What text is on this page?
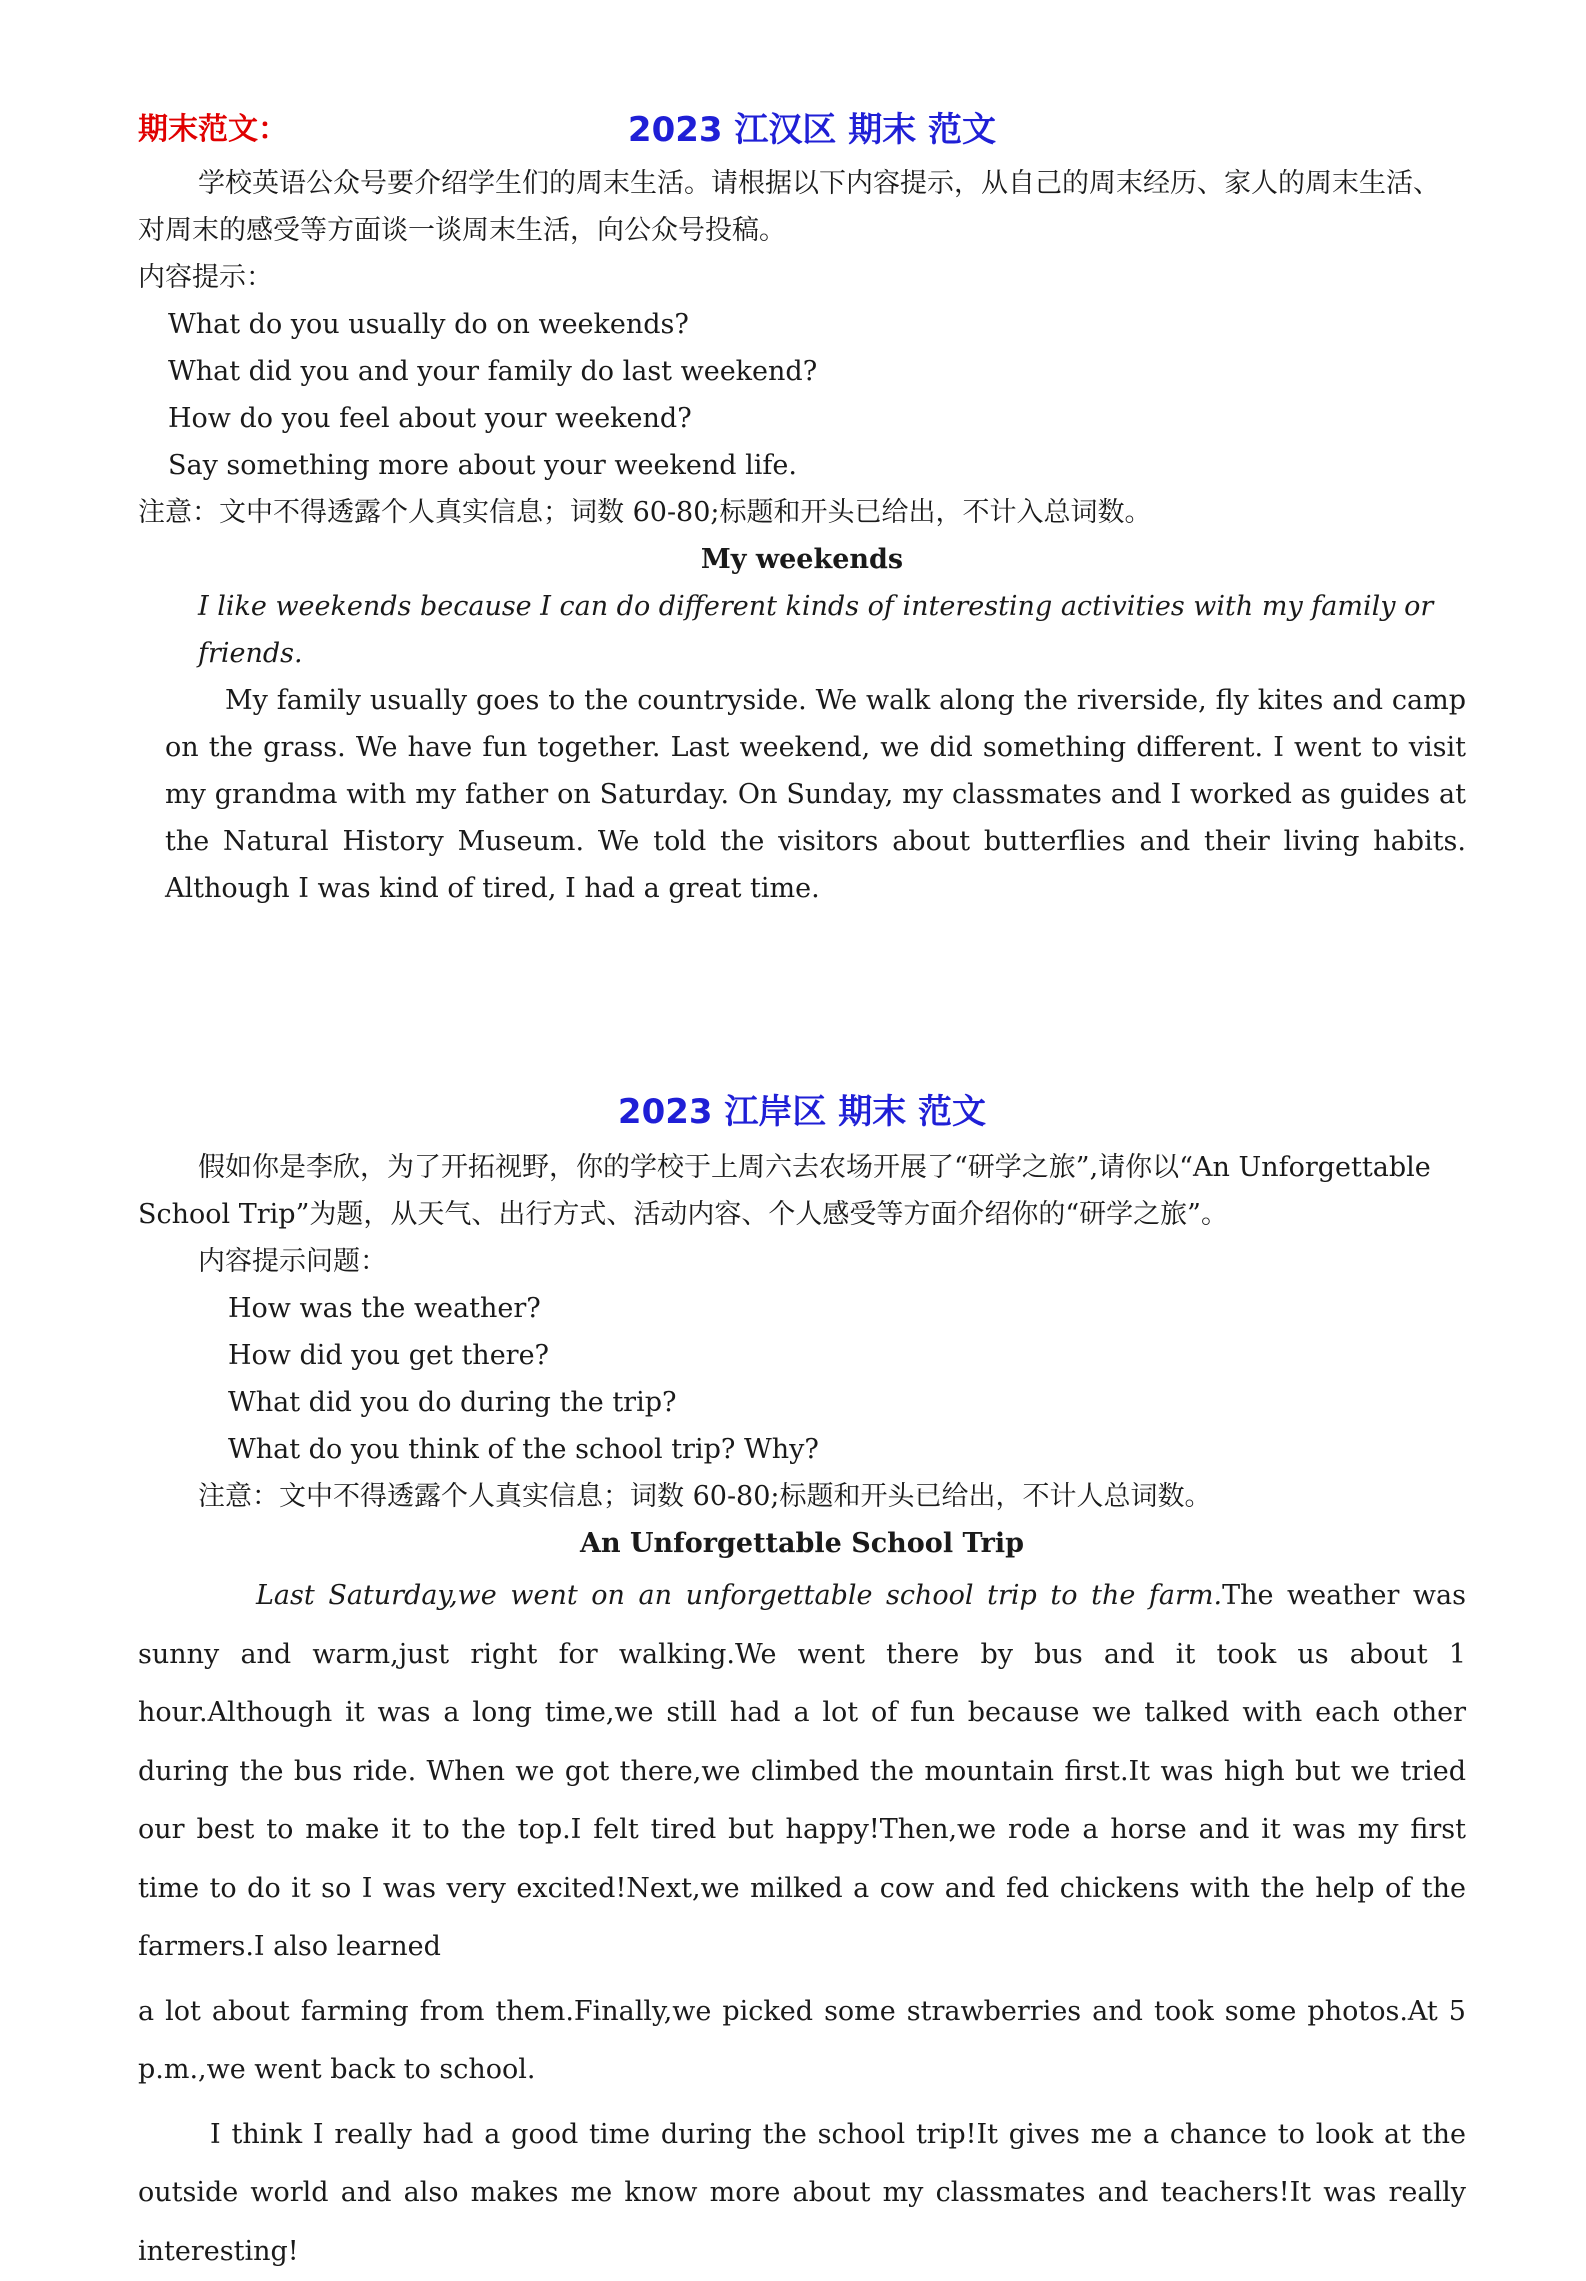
期末范文：	2023 江汉区 期末 范文

学校英语公众号要介绍学生们的周末生活。请根据以下内容提示，从自己的周末经历、家人的周末生活、对周末的感受等方面谈一谈周末生活，向公众号投稿。

内容提示：

What do you usually do on weekends?

What did you and your family do last weekend?

How do you feel about your weekend?

Say something more about your weekend life.

注意：文中不得透露个人真实信息；词数 60-80;标题和开头已给出，不计入总词数。

My weekends

I like weekends because I can do different kinds of interesting activities with my family or friends.

My family usually goes to the countryside. We walk along the riverside, fly kites and camp on the grass. We have fun together. Last weekend, we did something different. I went to visit my grandma with my father on Saturday. On Sunday, my classmates and I worked as guides at the Natural History Museum. We told the visitors about butterflies and their living habits. Although I was kind of tired, I had a great time.

2023 江岸区 期末 范文

假如你是李欣，为了开拓视野，你的学校于上周六去农场开展了“研学之旅”,请你以“An Unforgettable School Trip”为题，从天气、出行方式、活动内容、个人感受等方面介绍你的“研学之旅”。

内容提示问题：

How was the weather?

How did you get there?

What did you do during the trip?

What do you think of the school trip? Why?

注意：文中不得透露个人真实信息；词数 60-80;标题和开头已给出，不计人总词数。

An Unforgettable School Trip

Last Saturday,we went on an unforgettable school trip to the farm.The weather was sunny and warm,just right for walking.We went there by bus and it took us about 1 hour.Although it was a long time,we still had a lot of fun because we talked with each other during the bus ride. When we got there,we climbed the mountain first.It was high but we tried our best to make it to the top.I felt tired but happy!Then,we rode a horse and it was my first time to do it so I was very excited!Next,we milked a cow and fed chickens with the help of the farmers.I also learned

a lot about farming from them.Finally,we picked some strawberries and took some photos.At 5 p.m.,we went back to school.

I think I really had a good time during the school trip!It gives me a chance to look at the outside world and also makes me know more about my classmates and teachers!It was really interesting!
